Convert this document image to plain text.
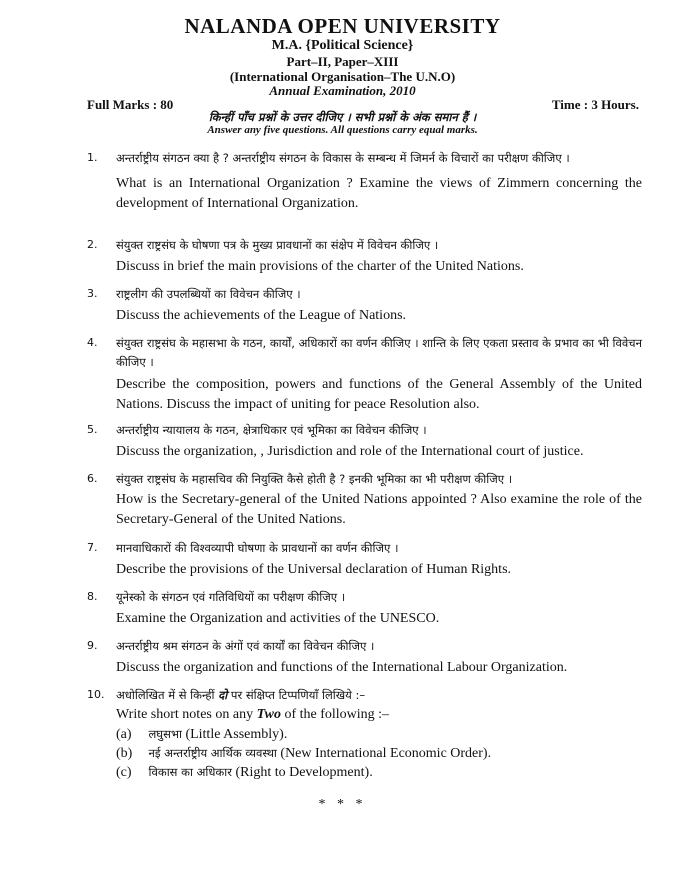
NALANDA OPEN UNIVERSITY
M.A. {Political Science}
Part–II, Paper–XIII
(International Organisation–The U.N.O)
Annual Examination, 2010
Full Marks : 80	Time : 3 Hours.
किन्हीं पाँच प्रश्नों के उत्तर दीजिए । सभी प्रश्नों के अंक समान हैं ।
Answer any five questions. All questions carry equal marks.
1. अन्तर्राष्ट्रीय संगठन क्या है ? अन्तर्राष्ट्रीय संगठन के विकास के सम्बन्ध में जिमर्न के विचारों का परीक्षण कीजिए ।
What is an International Organization ? Examine the views of Zimmern concerning the development of International Organization.
2. संयुक्त राष्ट्रसंघ के घोषणा पत्र के मुख्य प्रावधानों का संक्षेप में विवेचन कीजिए ।
Discuss in brief the main provisions of the charter of the United Nations.
3. राष्ट्रलीग की उपलब्धियों का विवेचन कीजिए ।
Discuss the achievements of the League of Nations.
4. संयुक्त राष्ट्रसंघ के महासभा के गठन, कार्यों, अधिकारों का वर्णन कीजिए । शान्ति के लिए एकता प्रस्ताव के प्रभाव का भी विवेचन कीजिए ।
Describe the composition, powers and functions of the General Assembly of the United Nations. Discuss the impact of uniting for peace Resolution also.
5. अन्तर्राष्ट्रीय न्यायालय के गठन, क्षेत्राधिकार एवं भूमिका का विवेचन कीजिए ।
Discuss the organization, , Jurisdiction and role of the International court of justice.
6. संयुक्त राष्ट्रसंघ के महासचिव की नियुक्ति कैसे होती है ? इनकी भूमिका का भी परीक्षण कीजिए ।
How is the Secretary-general of the United Nations appointed ? Also examine the role of the Secretary-General of the United Nations.
7. मानवाधिकारों की विश्वव्यापी घोषणा के प्रावधानों का वर्णन कीजिए ।
Describe the provisions of the Universal declaration of Human Rights.
8. यूनेस्को के संगठन एवं गतिविधियों का परीक्षण कीजिए ।
Examine the Organization and activities of the UNESCO.
9. अन्तर्राष्ट्रीय श्रम संगठन के अंगों एवं कार्यों का विवेचन कीजिए ।
Discuss the organization and functions of the International Labour Organization.
10. अधोलिखित में से किन्हीं दो पर संक्षिप्त टिप्पणियाँ लिखिये :–
Write short notes on any Two of the following :–
(a) लघुसभा (Little Assembly).
(b) नई अन्तर्राष्ट्रीय आर्थिक व्यवस्था (New International Economic Order).
(c) विकास का अधिकार (Right to Development).
* * *
